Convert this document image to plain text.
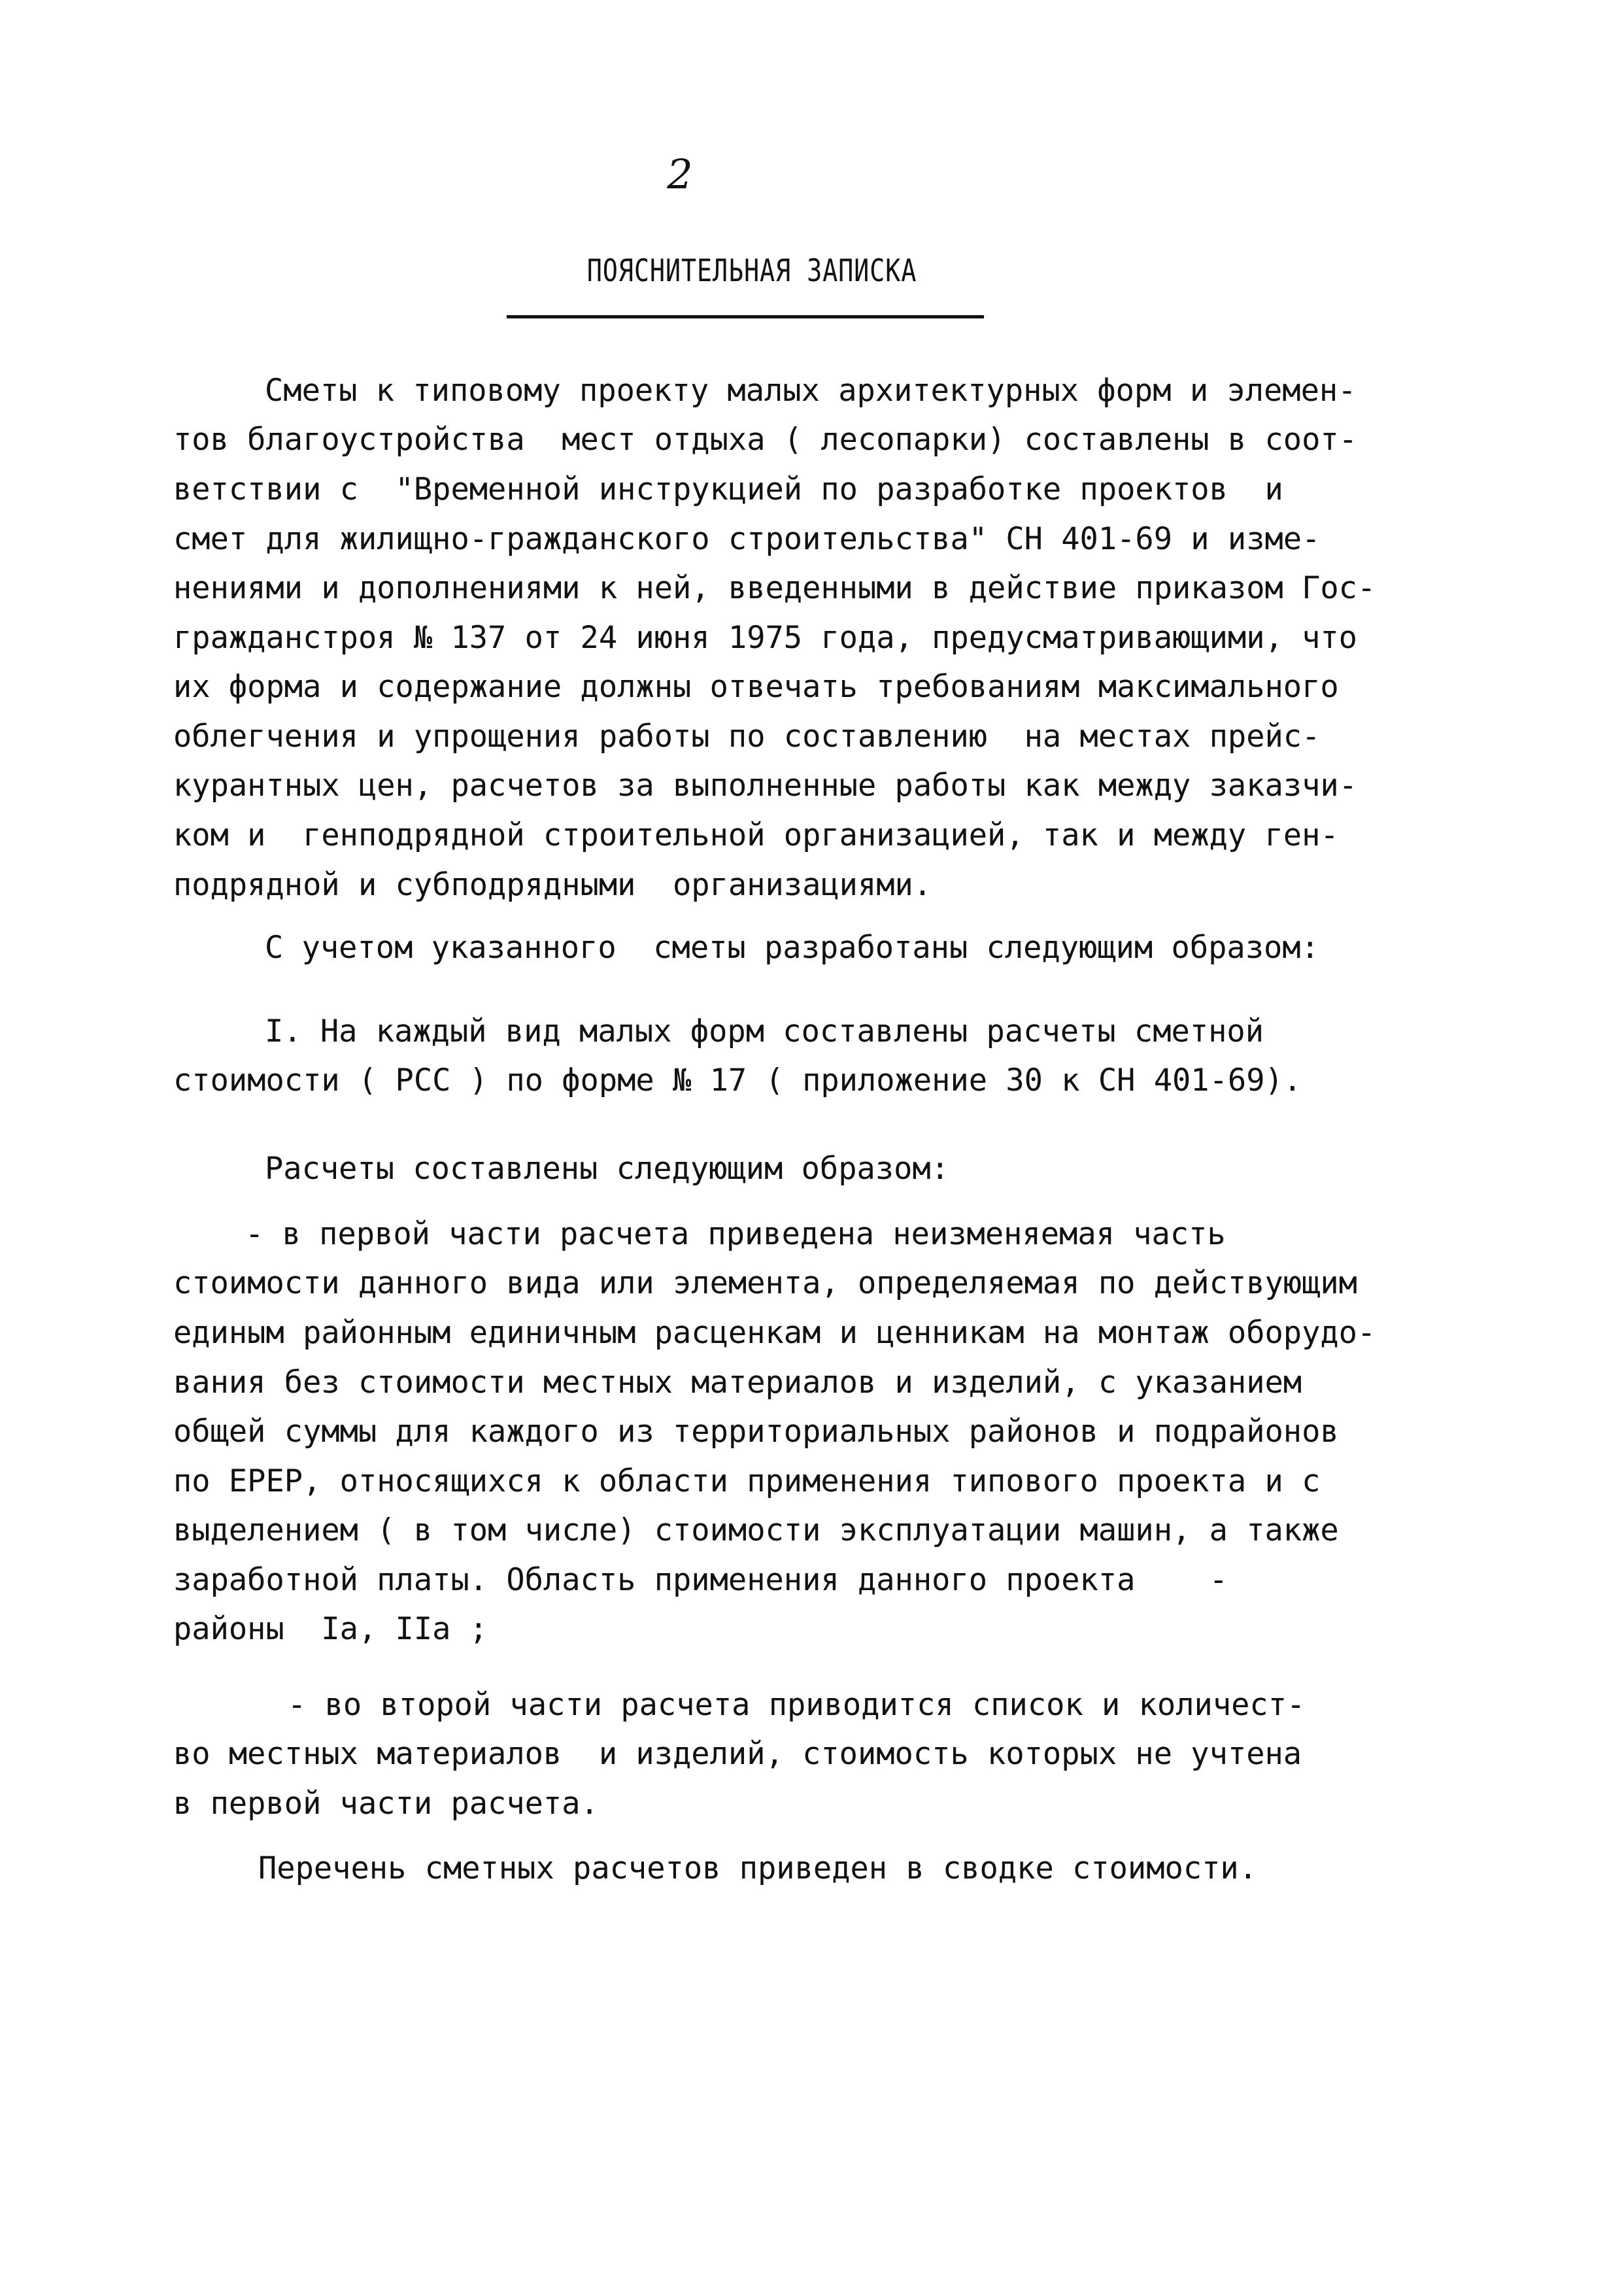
2
ПОЯСНИТЕЛЬНАЯ ЗАПИСКА
Сметы к типовому проекту малых архитектурных форм и элемен-
тов благоустройства  мест отдыха ( лесопарки) составлены в соот-
ветствии с  "Временной инструкцией по разработке проектов  и
смет для жилищно-гражданского строительства" СН 401-69 и изме-
нениями и дополнениями к ней, введенными в действие приказом Гос-
гражданстроя № 137 от 24 июня 1975 года, предусматривающими, что
их форма и содержание должны отвечать требованиям максимального
облегчения и упрощения работы по составлению  на местах прейс-
курантных цен, расчетов за выполненные работы как между заказчи-
ком и  генподрядной строительной организацией, так и между ген-
подрядной и субподрядными  организациями.
С учетом указанного  сметы разработаны следующим образом:
I. На каждый вид малых форм составлены расчеты сметной
стоимости ( РСС ) по форме № 17 ( приложение 30 к СН 401-69).
Расчеты составлены следующим образом:
- в первой части расчета приведена неизменяемая часть
стоимости данного вида или элемента, определяемая по действующим
единым районным единичным расценкам и ценникам на монтаж оборудо-
вания без стоимости местных материалов и изделий, с указанием
общей суммы для каждого из территориальных районов и подрайонов
по ЕРЕР, относящихся к области применения типового проекта и с
выделением ( в том числе) стоимости эксплуатации машин, а также
заработной платы. Область применения данного проекта    -
районы  Iа, IIа ;
- во второй части расчета приводится список и количест-
во местных материалов  и изделий, стоимость которых не учтена
в первой части расчета.
Перечень сметных расчетов приведен в сводке стоимости.
